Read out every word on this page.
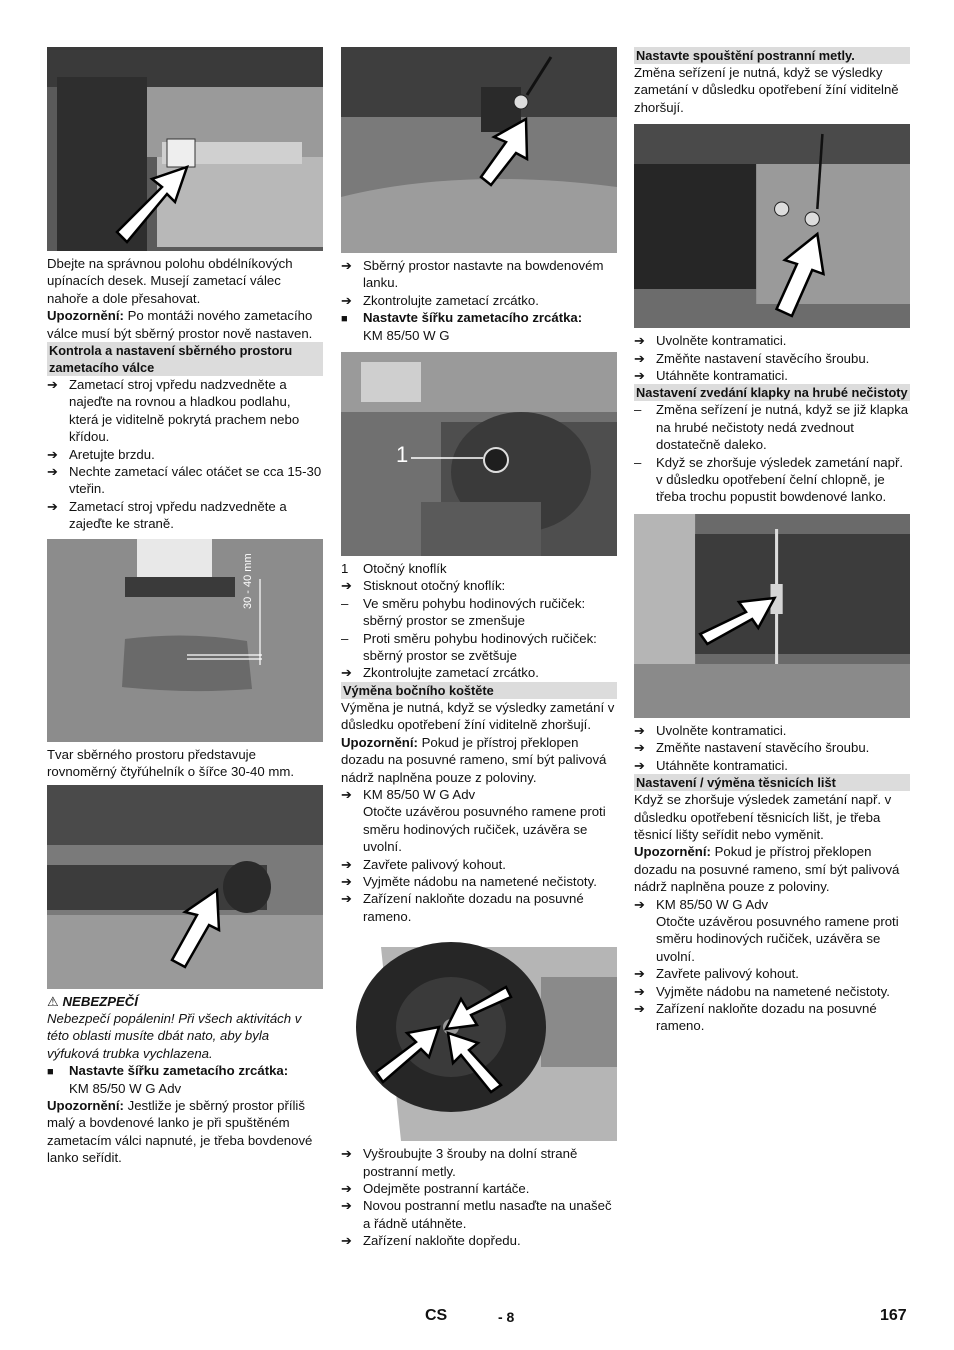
Dbejte na správnou polohu obdélníkových upínacích desek. Musejí zametací válec nahoře a dole přesahovat.

Upozornění: Po montáži nového zametacího válce musí být sběrný prostor nově nastaven.

Kontrola a nastavení sběrného prostoru zametacího válce
➔
Zametací stroj vpředu nadzvedněte a najeďte na rovnou a hladkou podlahu, která je viditelně pokrytá prachem nebo křídou.
➔
Aretujte brzdu.
➔
Nechte zametací válec otáčet se cca 15-30 vteřin.
➔
Zametací stroj vpředu nadzvedněte a zajeďte ke straně.
30 - 40 mm

Tvar sběrného prostoru představuje rovnoměrný čtyřúhelník o šířce 30-40 mm.

⚠ NEBEZPEČÍ

Nebezpečí popálenin! Při všech aktivitách v této oblasti musíte dbát nato, aby byla výfuková trubka vychlazena.

■
Nastavte šířku zametacího zrcátka:
KM 85/50 W G Adv

Upozornění: Jestliže je sběrný prostor příliš malý a bovdenové lanko je při spuštěném zametacím válci napnuté, je třeba bovdenové lanko seřídit.

➔
Sběrný prostor nastavte na bowdenovém lanku.
➔
Zkontrolujte zametací zrcátko.
■
Nastavte šířku zametacího zrcátka:
KM 85/50 W G
1
1 Otočný knoflík
➔
Stisknout otočný knoflík:
–
Ve směru pohybu hodinových ručiček: sběrný prostor se zmenšuje
–
Proti směru pohybu hodinových ručiček: sběrný prostor se zvětšuje
➔
Zkontrolujte zametací zrcátko.
Výměna bočního koštěte

Výměna je nutná, když se výsledky zametání v důsledku opotřebení žíní viditelně zhoršují.

Upozornění: Pokud je přístroj překlopen dozadu na posuvné rameno, smí být palivová nádrž naplněna pouze z poloviny.

➔
KM 85/50 W G Adv
Otočte uzávěrou posuvného ramene proti směru hodinových ručiček, uzávěra se uvolní.
➔
Zavřete palivový kohout.
➔
Vyjměte nádobu na nametené nečistoty.
➔
Zařízení nakloňte dozadu na posuvné rameno.
➔
Vyšroubujte 3 šrouby na dolní straně postranní metly.
➔
Odejměte postranní kartáče.
➔
Novou postranní metlu nasaďte na unašeč a řádně utáhněte.
➔
Zařízení nakloňte dopředu.
Nastavte spouštění postranní metly.

Změna seřízení je nutná, když se výsledky zametání v důsledku opotřebení žíní viditelně zhoršují.

➔
Uvolněte kontramatici.
➔
Změňte nastavení stavěcího šroubu.
➔
Utáhněte kontramatici.
Nastavení zvedání klapky na hrubé nečistoty
–
Změna seřízení je nutná, když se již klapka na hrubé nečistoty nedá zvednout dostatečně daleko.
–
Když se zhoršuje výsledek zametání např. v důsledku opotřebení čelní chlopně, je třeba trochu popustit bowdenové lanko.
➔
Uvolněte kontramatici.
➔
Změňte nastavení stavěcího šroubu.
➔
Utáhněte kontramatici.
Nastavení / výměna těsnicích lišt

Když se zhoršuje výsledek zametání např. v důsledku opotřebení těsnicích lišt, je třeba těsnicí lišty seřídit nebo vyměnit.

Upozornění: Pokud je přístroj překlopen dozadu na posuvné rameno, smí být palivová nádrž naplněna pouze z poloviny.

➔
KM 85/50 W G Adv
Otočte uzávěrou posuvného ramene proti směru hodinových ručiček, uzávěra se uvolní.
➔
Zavřete palivový kohout.
➔
Vyjměte nádobu na nametené nečistoty.
➔
Zařízení nakloňte dozadu na posuvné rameno.
CS	- 8	167
